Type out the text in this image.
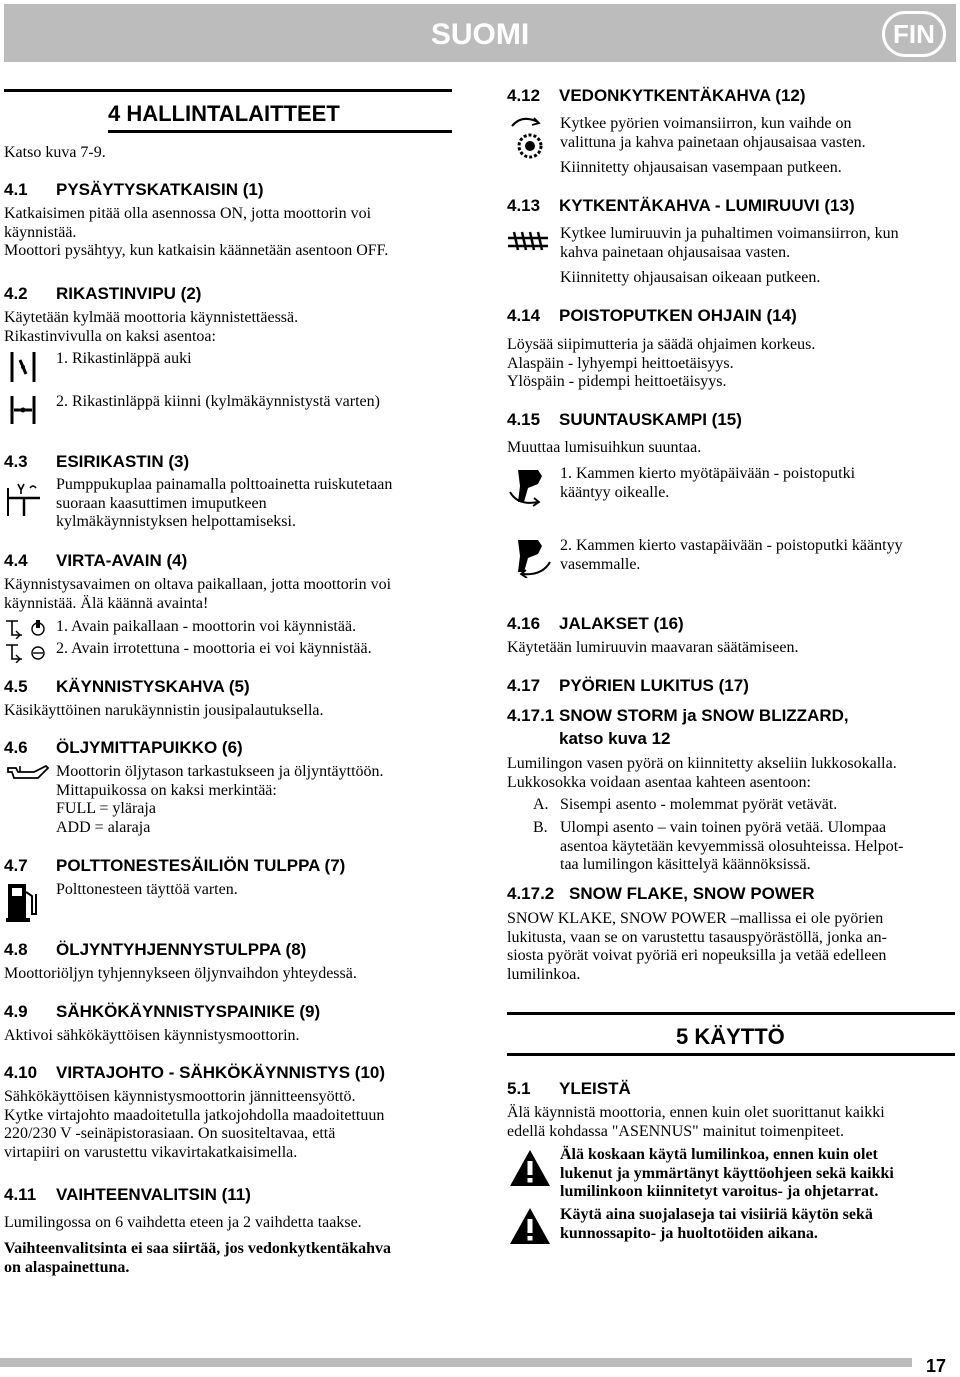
SUOMI	FIN
4 HALLINTALAITTEET
Katso kuva 7-9.
4.1 PYSÄYTYSKATKAISIN (1)
Katkaisimen pitää olla asennossa ON, jotta moottorin voi
käynnistää.
Moottori pysähtyy, kun katkaisin käännetään asentoon OFF.
4.2 RIKASTINVIPU (2)
Käytetään kylmää moottoria käynnistettäessä.
Rikastinvivulla on kaksi asentoa:
1. Rikastinläppä auki
2. Rikastinläppä kiinni (kylmäkäynnistystä varten)
4.3 ESIRIKASTIN (3)
Pumppukuplaa painamalla polttoainetta ruiskutetaan
suoraan kaasuttimen imuputkeen
kylmäkäynnistyksen helpottamiseksi.
4.4 VIRTA-AVAIN (4)
Käynnistysavaimen on oltava paikallaan, jotta moottorin voi
käynnistää. Älä käännä avainta!
1. Avain paikallaan - moottorin voi käynnistää.
2. Avain irrotettuna - moottoria ei voi käynnistää.
4.5 KÄYNNISTYSKAHVA (5)
Käsikäyttöinen narukäynnistin jousipalautuksella.
4.6 ÖLJYMITTAPUIKKO (6)
Moottorin öljytason tarkastukseen ja öljyntäyttöön.
Mittapuikossa on kaksi merkintää:
FULL = yläraja
ADD = alaraja
4.7 POLTTONESTESÄILIÖN TULPPA (7)
Polttonesteen täyttöä varten.
4.8 ÖLJYNTYHJENNYSTULPPA (8)
Moottoriöljyn tyhjennykseen öljynvaihdon yhteydessä.
4.9 SÄHKÖKÄYNNISTYSPAINIKE (9)
Aktivoi sähkökäyttöisen käynnistysmoottorin.
4.10 VIRTAJOHTO - SÄHKÖKÄYNNISTYS (10)
Sähkökäyttöisen käynnistysmoottorin jännitteensyöttö.
Kytke virtajohto maadoitetulla jatkojohdolla maadoitettuun
220/230 V -seinäpistorasiaan. On suositeltavaa, että
virtapiiri on varustettu vikavirtakatkaisimella.
4.11 VAIHTEENVALITSIN (11)
Lumilingossa on 6 vaihdetta eteen ja 2 vaihdetta taakse.
Vaihteenvalitsinta ei saa siirtää, jos vedonkytkentäkahva
on alaspainettuna.
4.12 VEDONKYTKENTÄKAHVA (12)
Kytkee pyörien voimansiirron, kun vaihde on
valittuna ja kahva painetaan ohjausaisaa vasten.
Kiinnitetty ohjausaisan vasempaan putkeen.
4.13 KYTKENTÄKAHVA - LUMIRUUVI (13)
Kytkee lumiruuvin ja puhaltimen voimansiirron, kun
kahva painetaan ohjausaisaa vasten.
Kiinnitetty ohjausaisan oikeaan putkeen.
4.14 POISTOPUTKEN OHJAIN (14)
Löysää siipimutteria ja säädä ohjaimen korkeus.
Alaspäin - lyhyempi heittoetäisyys.
Ylöspäin - pidempi heittoetäisyys.
4.15 SUUNTAUSKAMPI (15)
Muuttaa lumisuihkun suuntaa.
1. Kammen kierto myötäpäivään - poistoputki
kääntyy oikealle.
2. Kammen kierto vastapäivään - poistoputki kääntyy
vasemmalle.
4.16 JALAKSET (16)
Käytetään lumiruuvin maavaran säätämiseen.
4.17 PYÖRIEN LUKITUS (17)
4.17.1 SNOW STORM ja SNOW BLIZZARD,
katso kuva 12
Lumilingon vasen pyörä on kiinnitetty akseliin lukkosokalla.
Lukkosokka voidaan asentaa kahteen asentoon:
A. Sisempi asento - molemmat pyörät vetävät.
B. Ulompi asento – vain toinen pyörä vetää. Ulompaa
asentoa käytetään kevyemmissä olosuhteissa. Helpot-
taa lumilingon käsittelyä käännöksissä.
4.17.2 SNOW FLAKE, SNOW POWER
SNOW KLAKE, SNOW POWER –mallissa ei ole pyörien
lukitusta, vaan se on varustettu tasauspyörästöllä, jonka an-
siosta pyörät voivat pyöriä eri nopeuksilla ja vetää edelleen
lumilinkoa.
5 KÄYTTÖ
5.1 YLEISTÄ
Älä käynnistä moottoria, ennen kuin olet suorittanut kaikki
edellä kohdassa "ASENNUS" mainitut toimenpiteet.
Älä koskaan käytä lumilinkoa, ennen kuin olet
lukenut ja ymmärtänyt käyttöohjeen sekä kaikki
lumilinkoon kiinnitetyt varoitus- ja ohjetarrat.
Käytä aina suojalaseja tai visiiriä käytön sekä
kunnossapito- ja huoltotöiden aikana.
17
